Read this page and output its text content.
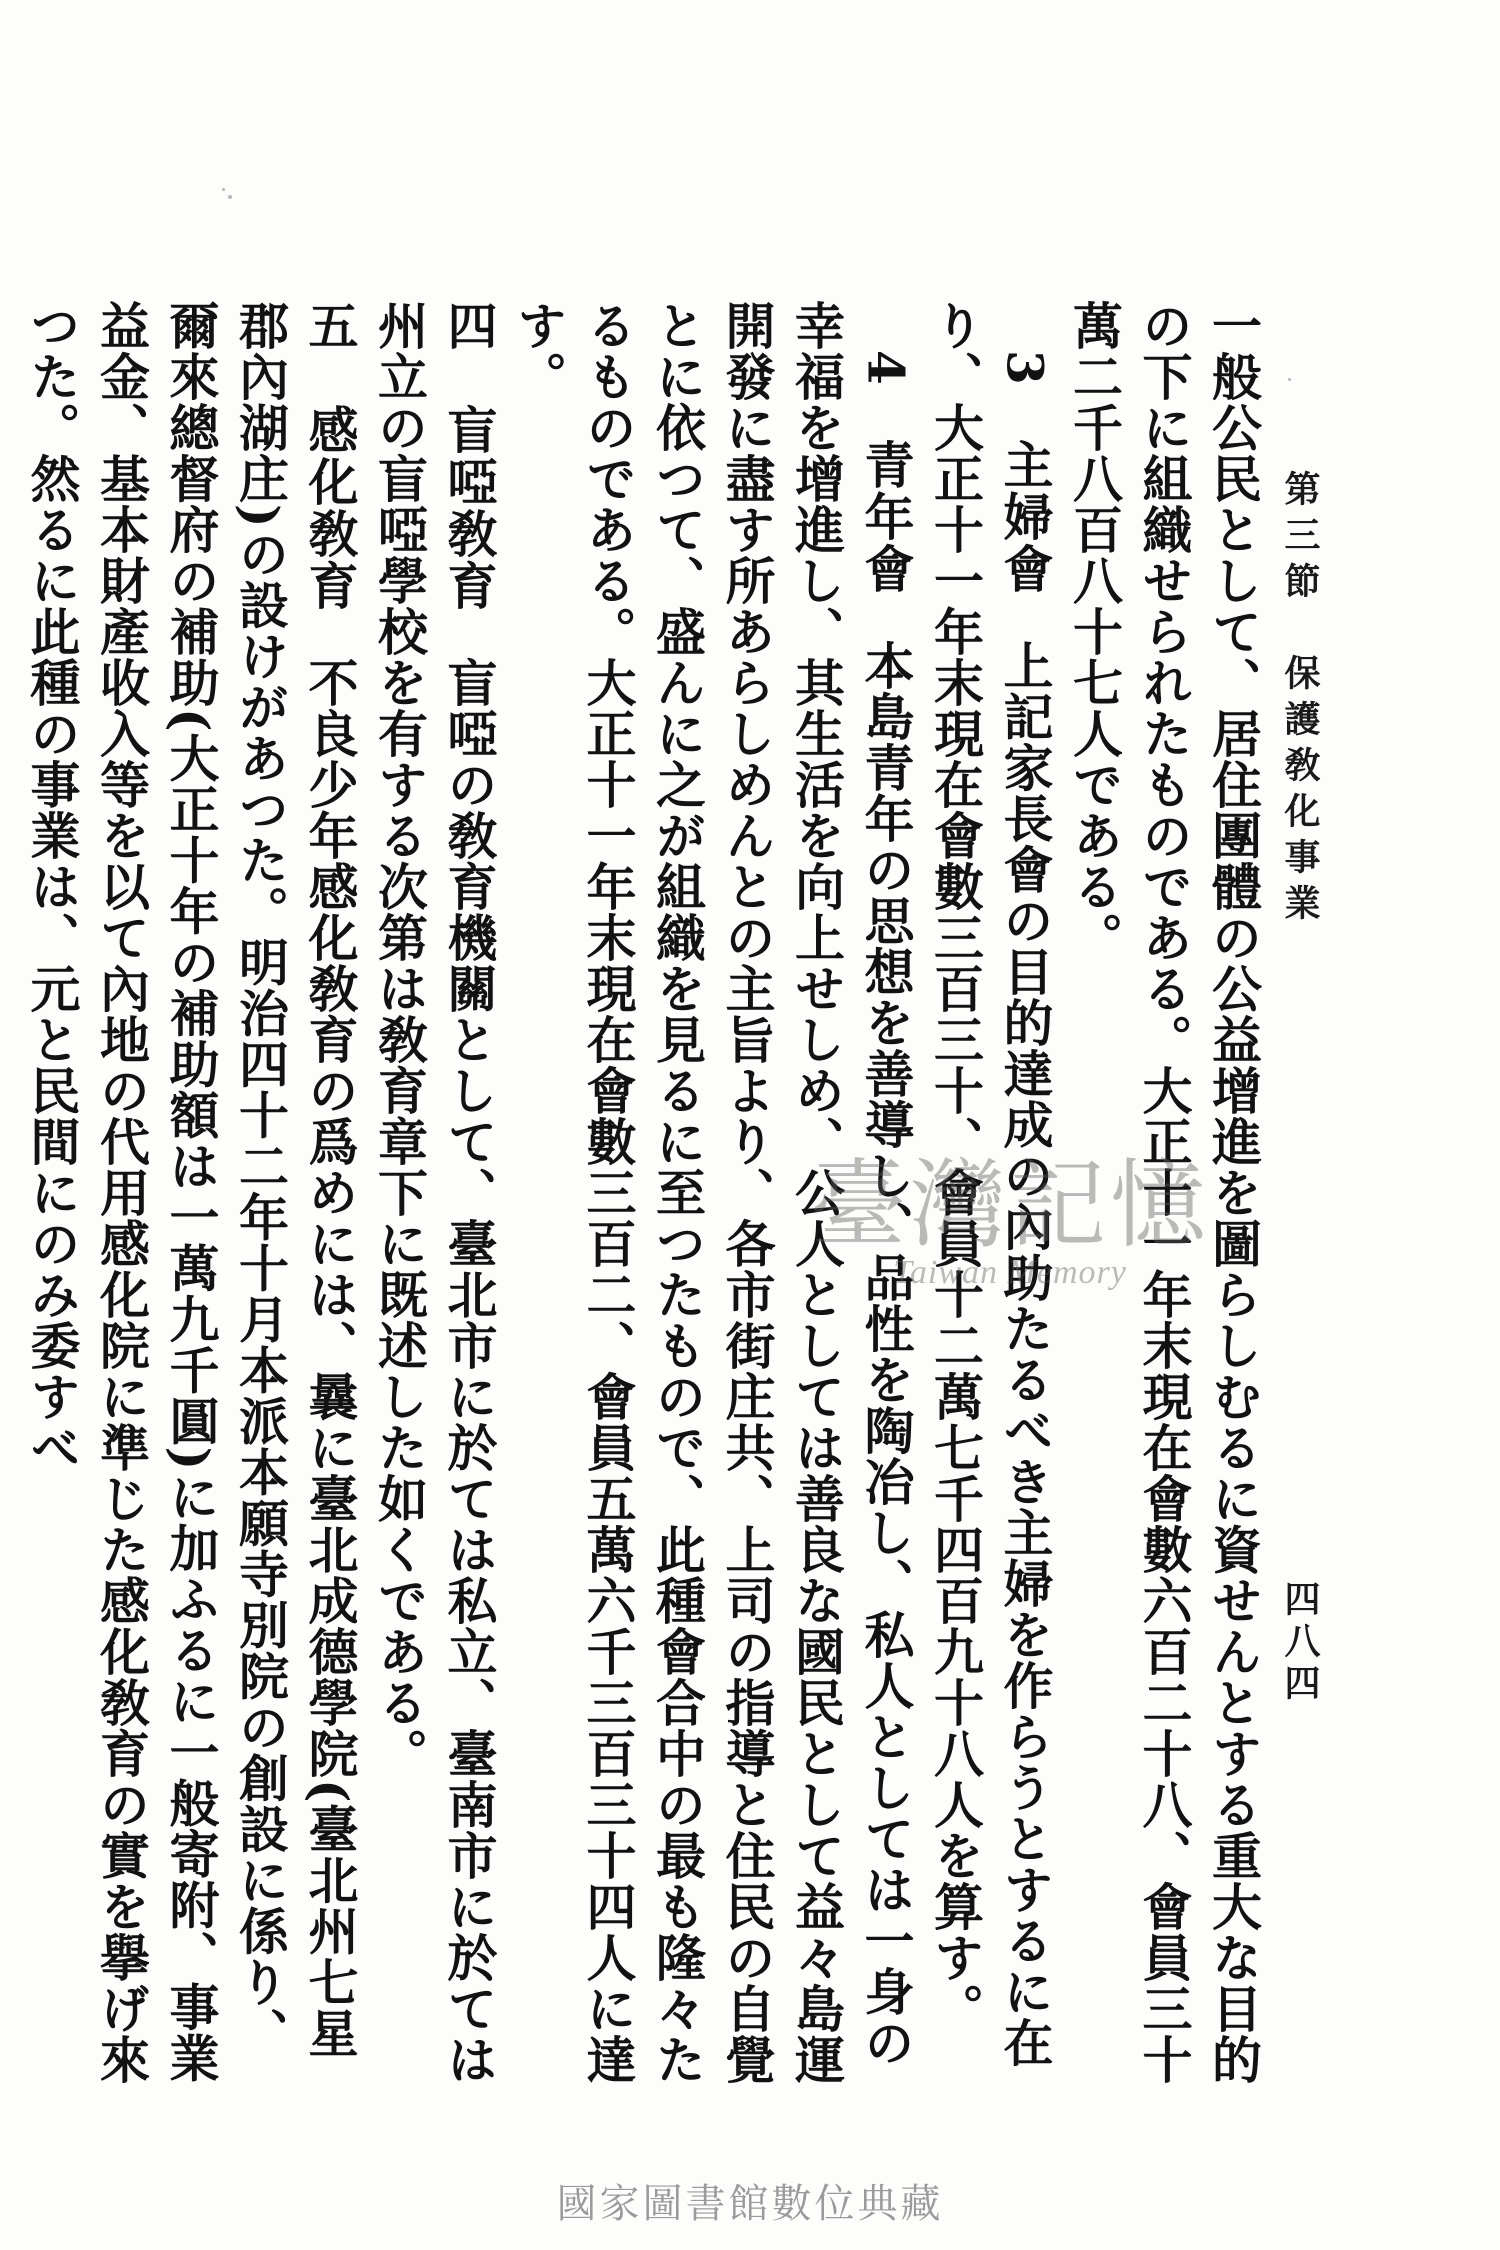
第三節　保護敎化事業
四八四

一般公民として、居住團體の公益增進を圖らしむるに資せんとする重大な目的の下に組織せられたものである。大正十一年末現在會數六百二十八、會員三十萬二千八百八十七人である。

3　主婦會上記家長會の目的達成の內助たるべき主婦を作らうとするに在り、大正十一年末現在會數三百三十、會員十二萬七千四百九十八人を算す。

4　青年會本島青年の思想を善導し、品性を陶冶し、私人としては一身の幸福を增進し、其生活を向上せしめ、公人としては善良な國民として益々島運開發に盡す所あらしめんとの主旨より、各市街庄共、上司の指導と住民の自覺とに依つて、盛んに之が組織を見るに至つたもので、此種會合中の最も隆々たるものである。大正十一年末現在會數三百二、會員五萬六千三百三十四人に達す。

四　盲啞敎育盲啞の敎育機關として、臺北市に於ては私立、臺南市に於ては州立の盲啞學校を有する次第は敎育章下に既述した如くである。

五　感化敎育不良少年感化敎育の爲めには、曩に臺北成德學院(臺北州七星郡內湖庄)の設けがあつた。明治四十二年十月本派本願寺別院の創設に係り、爾來總督府の補助(大正十年の補助額は一萬九千圓)に加ふるに一般寄附、事業益金、基本財產收入等を以て內地の代用感化院に準じた感化敎育の實を擧げ來つた。然るに此種の事業は、元と民間にのみ委すべ	臺灣記憶
Taiwan Memory
國家圖書館數位典藏
